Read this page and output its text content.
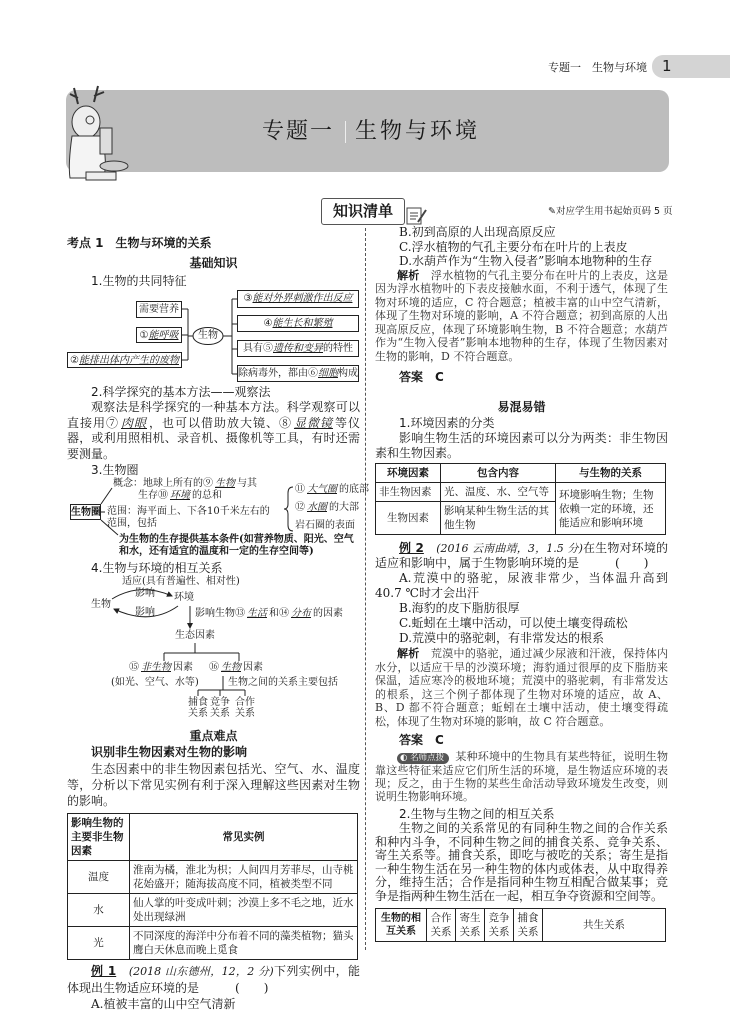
专题一　生物与环境 1
专题一 生物与环境
知识清单	✎对应学生用书起始页码 5 页
考点 1　生物与环境的关系
基础知识
1.生物的共同特征
需要营养
①能呼吸
②能排出体内产生的废物
生物
③能对外界刺激作出反应
④能生长和繁殖
具有⑤遗传和变异的特性
除病毒外，都由⑥细胞构成
2.科学探究的基本方法——观察法
观察法是科学探究的一种基本方法。科学观察可以直接用⑦ 肉眼 ，也可以借助放大镜、⑧ 显微镜 等仪器，或利用照相机、录音机、摄像机等工具，有时还需要测量。
3.生物圈
生物圈
概念：地球上所有的⑨ 生物 与其
生存⑩ 环境 的总和
范围：海平面上、下各10千米左右的范围，包括
⑪ 大气圈 的底部
⑫ 水圈 的大部
岩石圈的表面
为生物的生存提供基本条件(如营养物质、阳光、空气和水，还有适宜的温度和一定的生存空间等)
4.生物与环境的相互关系
适应(具有普遍性、相对性)
影响
影响
生物
环境
影响生物⑬ 生活 和⑭ 分布 的因素
生态因素
⑮ 非生物 因素 ⑯ 生物 因素
(如光、空气、水等)	生物之间的关系主要包括
捕食
关系
竞争
关系
合作
关系
重点难点
识别非生物因素对生物的影响
生态因素中的非生物因素包括光、空气、水、温度等，分析以下常见实例有利于深入理解这些因素对生物的影响。
影响生物的主要非生物因素	常见实例
温度	淮南为橘，淮北为枳；人间四月芳菲尽，山寺桃花始盛开；随海拔高度不同，植被类型不同
水	仙人掌的叶变成叶刺；沙漠上多不毛之地，近水处出现绿洲
光	不同深度的海洋中分布着不同的藻类植物；猫头鹰白天休息而晚上觅食
例 1　 (2018 山东德州，12，2 分)下列实例中，能体现出生物适应环境的是	(　　)
A.植被丰富的山中空气清新
B.初到高原的人出现高原反应
C.浮水植物的气孔主要分布在叶片的上表皮
D.水葫芦作为“生物入侵者”影响本地物种的生存
解析　 浮水植物的气孔主要分布在叶片的上表皮，这是因为浮水植物叶的下表皮接触水面，不利于透气，体现了生物对环境的适应，C 符合题意；植被丰富的山中空气清新，体现了生物对环境的影响，A 不符合题意；初到高原的人出现高原反应，体现了环境影响生物，B 不符合题意；水葫芦作为“生物入侵者”影响本地物种的生存，体现了生物因素对生物的影响，D 不符合题意。
答案　 C
易混易错
1.环境因素的分类
影响生物生活的环境因素可以分为两类：非生物因素和生物因素。
环境因素	包含内容	与生物的关系
非生物因素	光、温度、水、空气等	环境影响生物；生物依赖一定的环境，还能适应和影响环境
生物因素	影响某种生物生活的其他生物	
例 2　 (2016 云南曲靖，3，1.5 分)在生物对环境的适应和影响中，属于生物影响环境的是	(　　)
A.荒漠中的骆驼，尿液非常少，当体温升高到 40.7 ℃时才会出汗
B.海豹的皮下脂肪很厚
C.蚯蚓在土壤中活动，可以使土壤变得疏松
D.荒漠中的骆驼刺，有非常发达的根系
解析　 荒漠中的骆驼，通过减少尿液和汗液，保持体内水分，以适应干旱的沙漠环境；海豹通过很厚的皮下脂肪来保温，适应寒冷的极地环境；荒漠中的骆驼刺，有非常发达的根系，这三个例子都体现了生物对环境的适应，故 A、B、D 都不符合题意；蚯蚓在土壤中活动，使土壤变得疏松，体现了生物对环境的影响，故 C 符合题意。
答案　 C
◐ 名师点拨 某种环境中的生物具有某些特征，说明生物靠这些特征来适应它们所生活的环境，是生物适应环境的表现；反之，由于生物的某些生命活动导致环境发生改变，则说明生物影响环境。
2.生物与生物之间的相互关系
生物之间的关系常见的有同种生物之间的合作关系和种内斗争，不同种生物之间的捕食关系、竞争关系、寄生关系等。捕食关系，即吃与被吃的关系；寄生是指一种生物生活在另一种生物的体内或体表，从中取得养分，维持生活；合作是指同种生物互相配合做某事；竞争是指两种生物生活在一起，相互争夺资源和空间等。
生物的相互关系	合作关系	寄生关系	竞争关系	捕食关系	共生关系
